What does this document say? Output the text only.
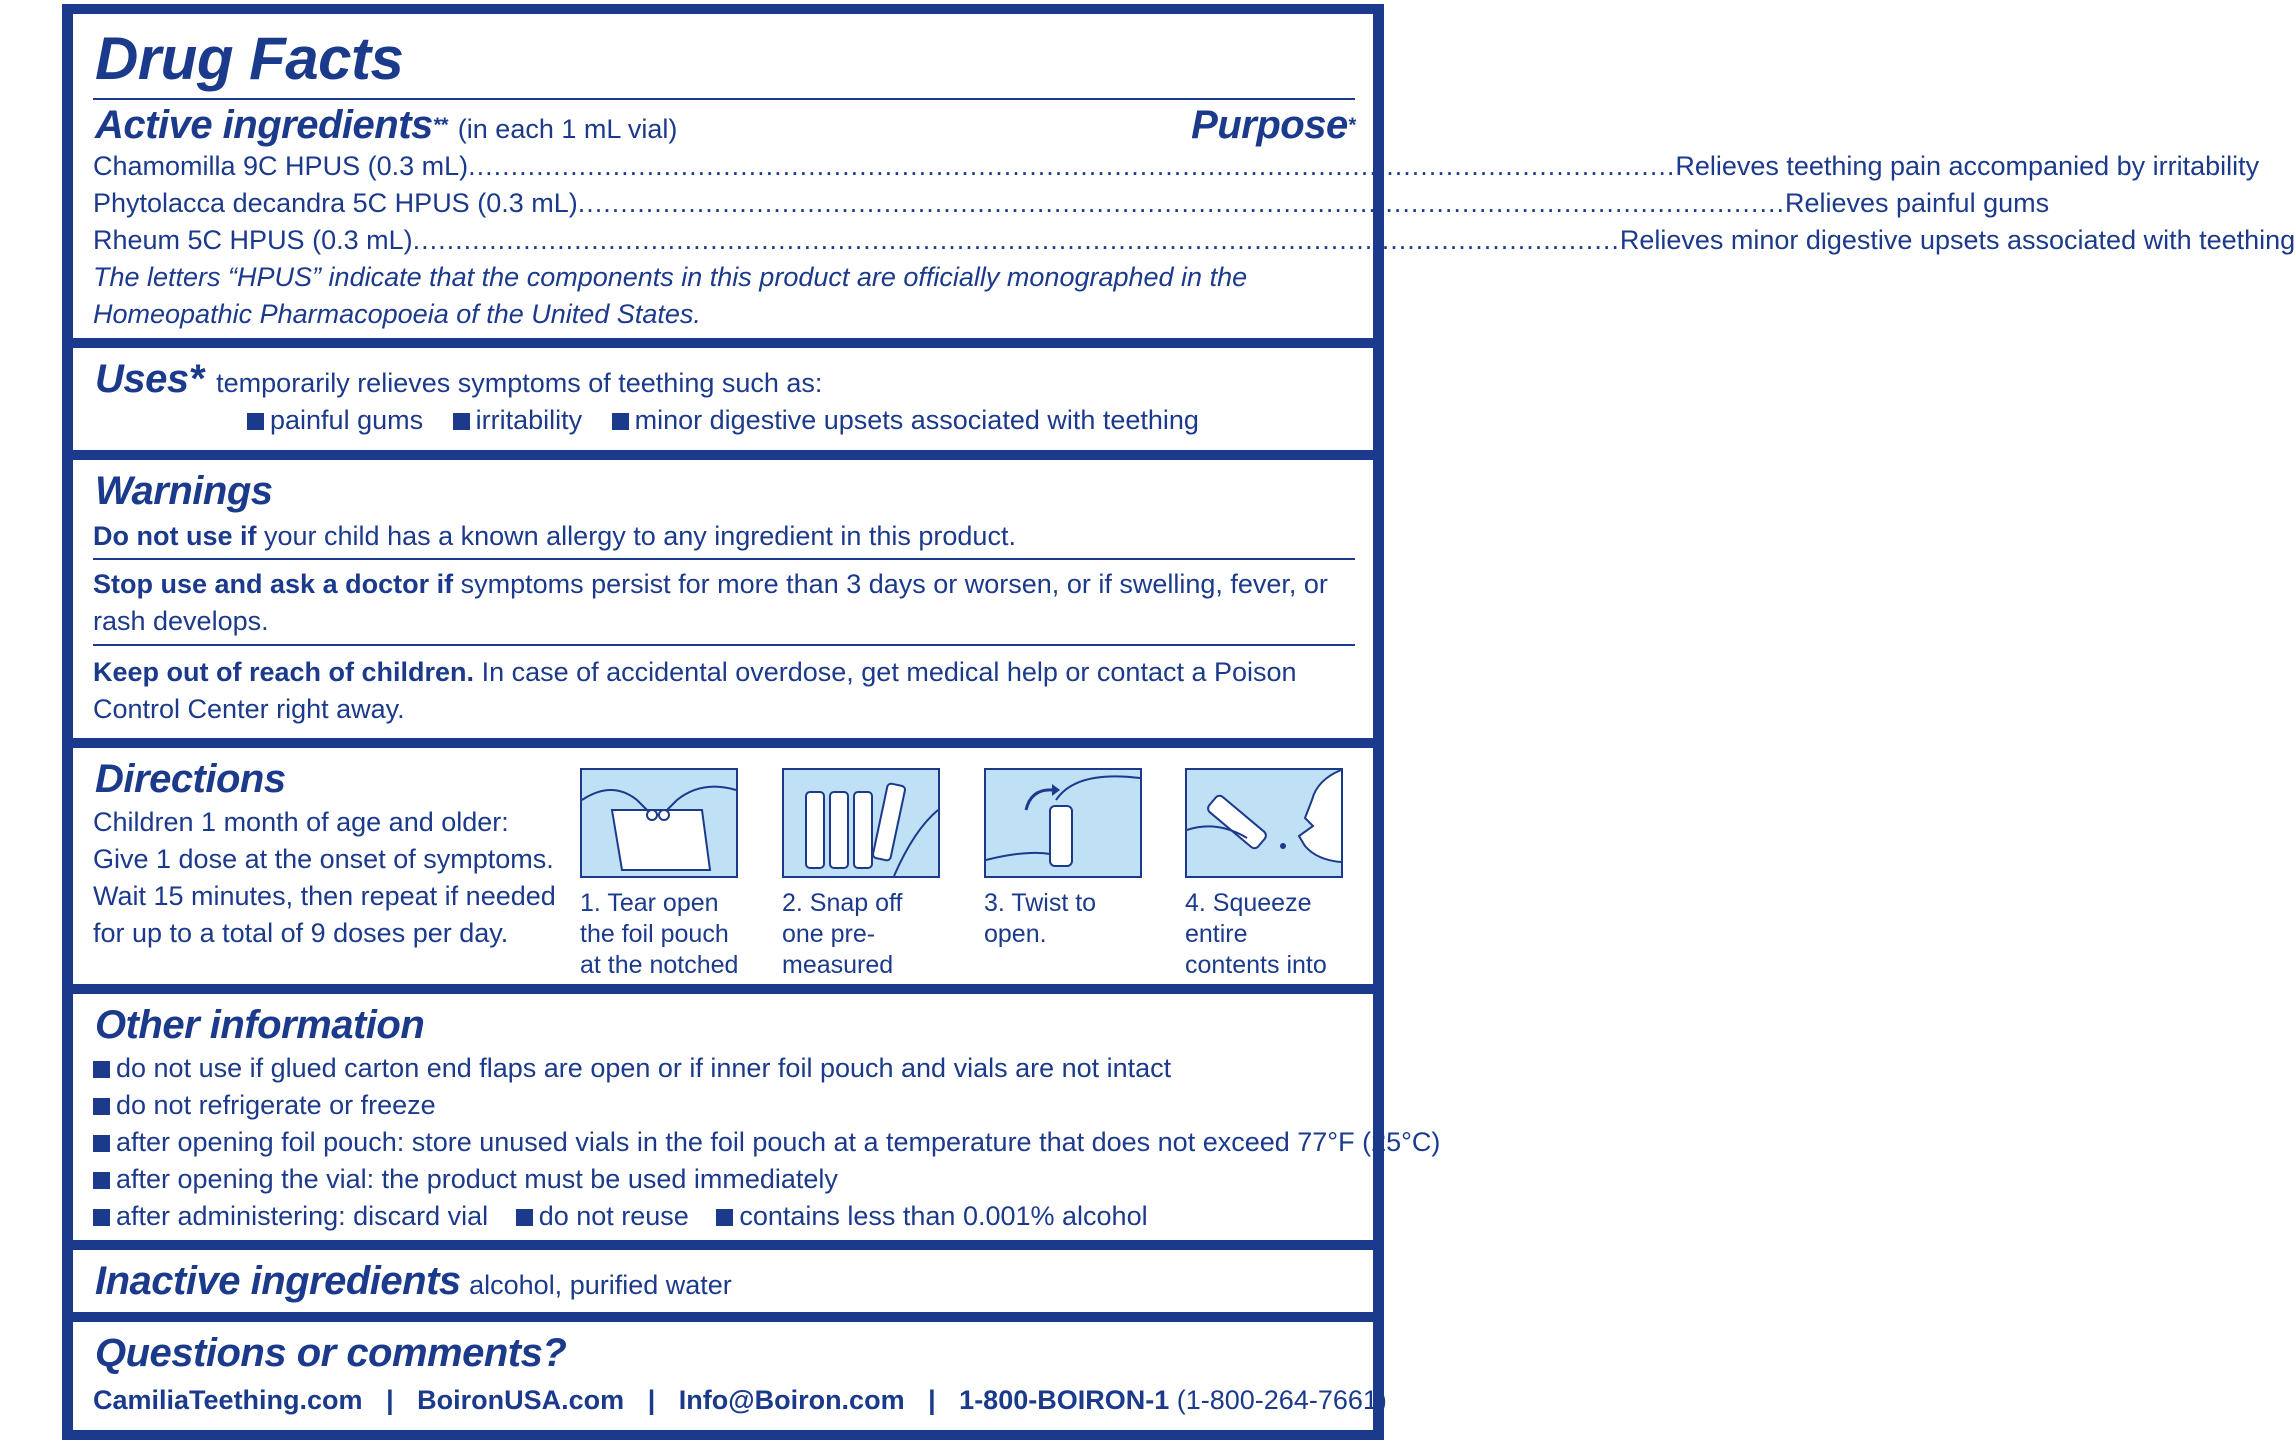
Drug Facts
Active ingredients** (in each 1 mL vial)	Purpose*
Chamomilla 9C HPUS (0.3 mL) .............................................................................................................................................. Relieves teething pain accompanied by irritability
Phytolacca decandra 5C HPUS (0.3 mL) .............................................................................................................................................. Relieves painful gums
Rheum 5C HPUS (0.3 mL) .............................................................................................................................................. Relieves minor digestive upsets associated with teething
The letters “HPUS” indicate that the components in this product are officially monographed in the
Homeopathic Pharmacopoeia of the United States.
Uses* temporarily relieves symptoms of teething such as:
painful gums irritability minor digestive upsets associated with teething
Warnings
Do not use if your child has a known allergy to any ingredient in this product.
Stop use and ask a doctor if symptoms persist for more than 3 days or worsen, or if swelling, fever, or
rash develops.
Keep out of reach of children. In case of accidental overdose, get medical help or contact a Poison
Control Center right away.
Directions
Children 1 month of age and older:
Give 1 dose at the onset of symptoms.
Wait 15 minutes, then repeat if needed
for up to a total of 9 doses per day.
1. Tear open the foil pouch at the notched
2. Snap off one pre-measured
3. Twist to open.
4. Squeeze entire contents into
Other information
do not use if glued carton end flaps are open or if inner foil pouch and vials are not intact
do not refrigerate or freeze
after opening foil pouch: store unused vials in the foil pouch at a temperature that does not exceed 77°F (25°C)
after opening the vial: the product must be used immediately
after administering: discard vial do not reuse contains less than 0.001% alcohol
Inactive ingredients alcohol, purified water
Questions or comments?
CamiliaTeething.com | BoironUSA.com | Info@Boiron.com | 1-800-BOIRON-1 (1-800-264-7661)
